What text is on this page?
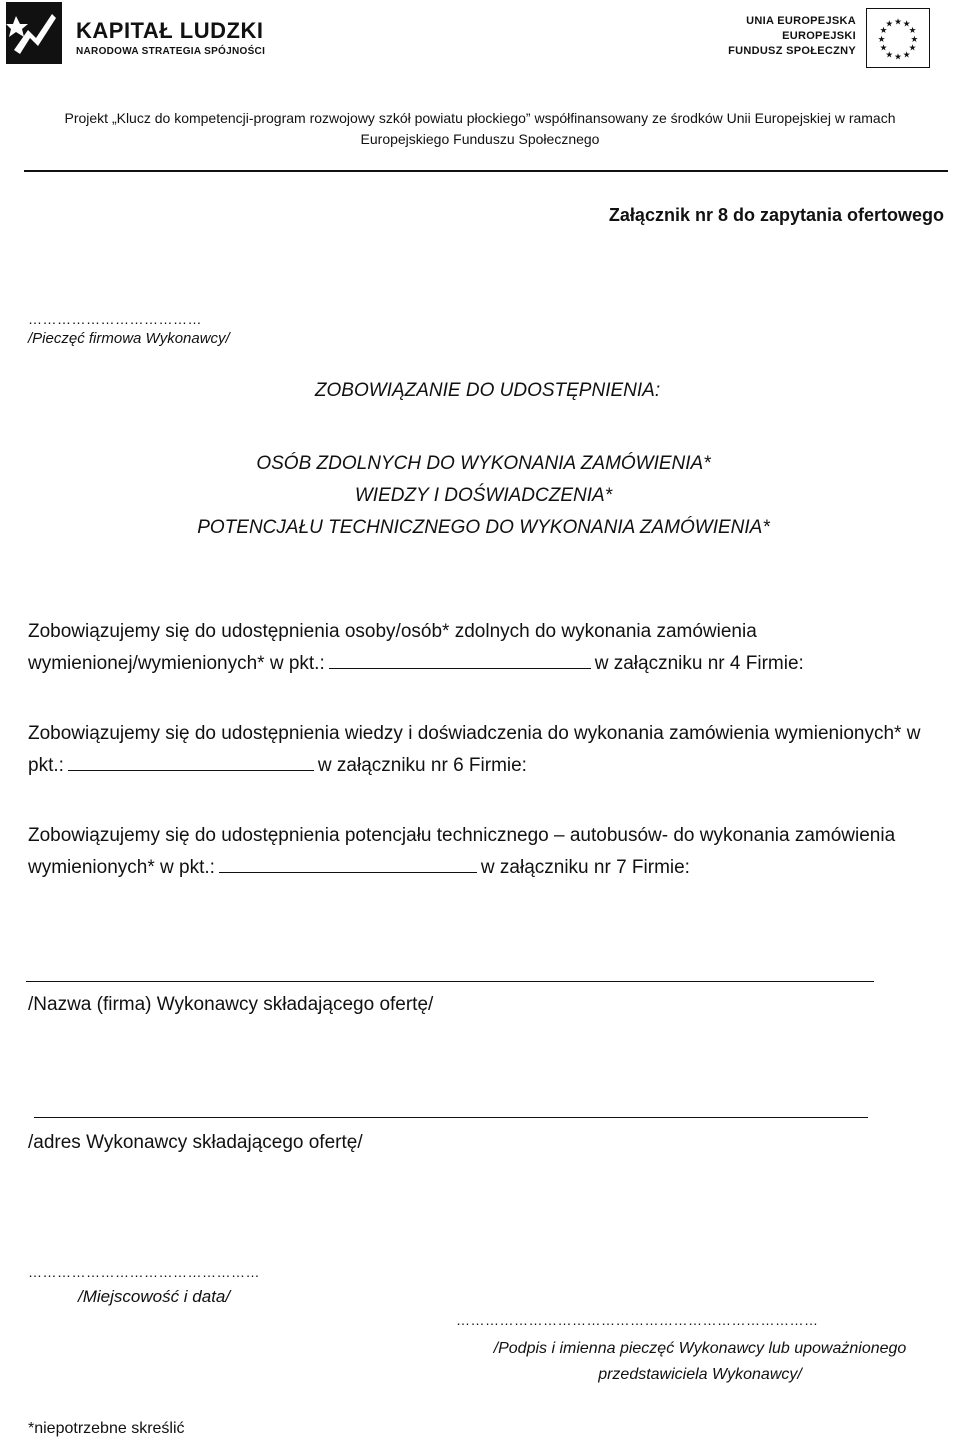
KAPITAŁ LUDZKI
NARODOWA STRATEGIA SPÓJNOŚCI
UNIA EUROPEJSKA
EUROPEJSKI
FUNDUSZ SPOŁECZNY
★ ★
★
★
★
★
★
★
★
★
★
★
Projekt „Klucz do kompetencji-program rozwojowy szkół powiatu płockiego” współfinansowany ze środków Unii Europejskiej w ramach
Europejskiego Funduszu Społecznego
Załącznik nr 8 do zapytania ofertowego
………………………………
/Pieczęć firmowa Wykonawcy/
ZOBOWIĄZANIE DO UDOSTĘPNIENIA:
OSÓB ZDOLNYCH DO WYKONANIA ZAMÓWIENIA*
WIEDZY I DOŚWIADCZENIA*
POTENCJAŁU TECHNICZNEGO DO WYKONANIA ZAMÓWIENIA*
Zobowiązujemy się do udostępnienia osoby/osób* zdolnych do wykonania zamówienia wymienionej/wymienionych* w pkt.:	w załączniku nr 4 Firmie:
Zobowiązujemy się do udostępnienia wiedzy i doświadczenia do wykonania zamówienia wymienionych* w pkt.:	w załączniku nr 6 Firmie:
Zobowiązujemy się do udostępnienia potencjału technicznego – autobusów- do wykonania zamówienia wymienionych* w pkt.:	w załączniku nr 7 Firmie:
/Nazwa (firma) Wykonawcy składającego ofertę/
/adres Wykonawcy składającego ofertę/
…………………………………………
/Miejscowość i data/
…………………………………………………………………
/Podpis i imienna pieczęć Wykonawcy lub upoważnionego
przedstawiciela Wykonawcy/
*niepotrzebne skreślić
